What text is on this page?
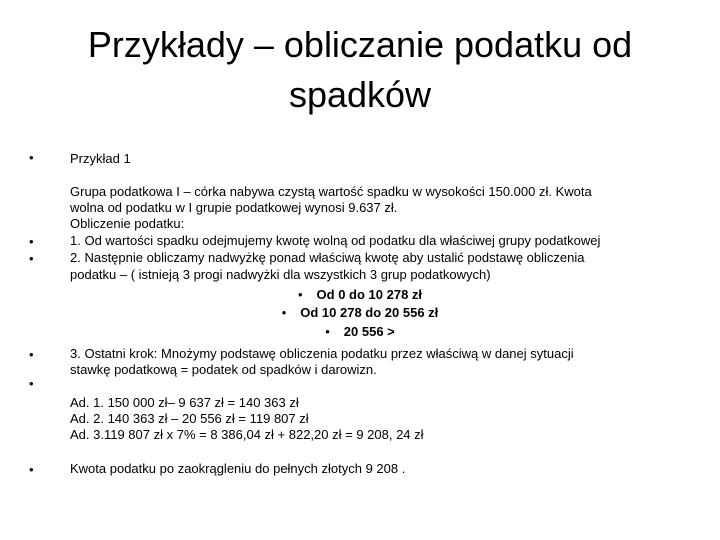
Przykłady – obliczanie podatku od spadków
•	Przykład 1
Grupa podatkowa I – córka nabywa czystą wartość spadku w wysokości 150.000 zł. Kwota
wolna od podatku w I grupie podatkowej wynosi 9.637 zł.
Obliczenie podatku:
•	1. Od wartości spadku odejmujemy kwotę wolną od podatku dla właściwej grupy podatkowej
•	2. Następnie obliczamy nadwyżkę ponad właściwą kwotę aby ustalić podstawę obliczenia
podatku – ( istnieją 3 progi nadwyżki dla wszystkich 3 grup podatkowych)
• Od 0 do 10 278 zł
• Od 10 278 do 20 556 zł
• 20 556 >
•	3. Ostatni krok: Mnożymy podstawę obliczenia podatku przez właściwą w danej sytuacji
stawkę podatkową = podatek od spadków i darowizn.
•
Ad. 1. 150 000 zł– 9 637 zł = 140 363 zł
Ad. 2. 140 363 zł – 20 556 zł = 119 807 zł
Ad. 3.119 807 zł x 7% = 8 386,04 zł + 822,20 zł = 9 208, 24 zł
•	Kwota podatku po zaokrągleniu do pełnych złotych 9 208 .
